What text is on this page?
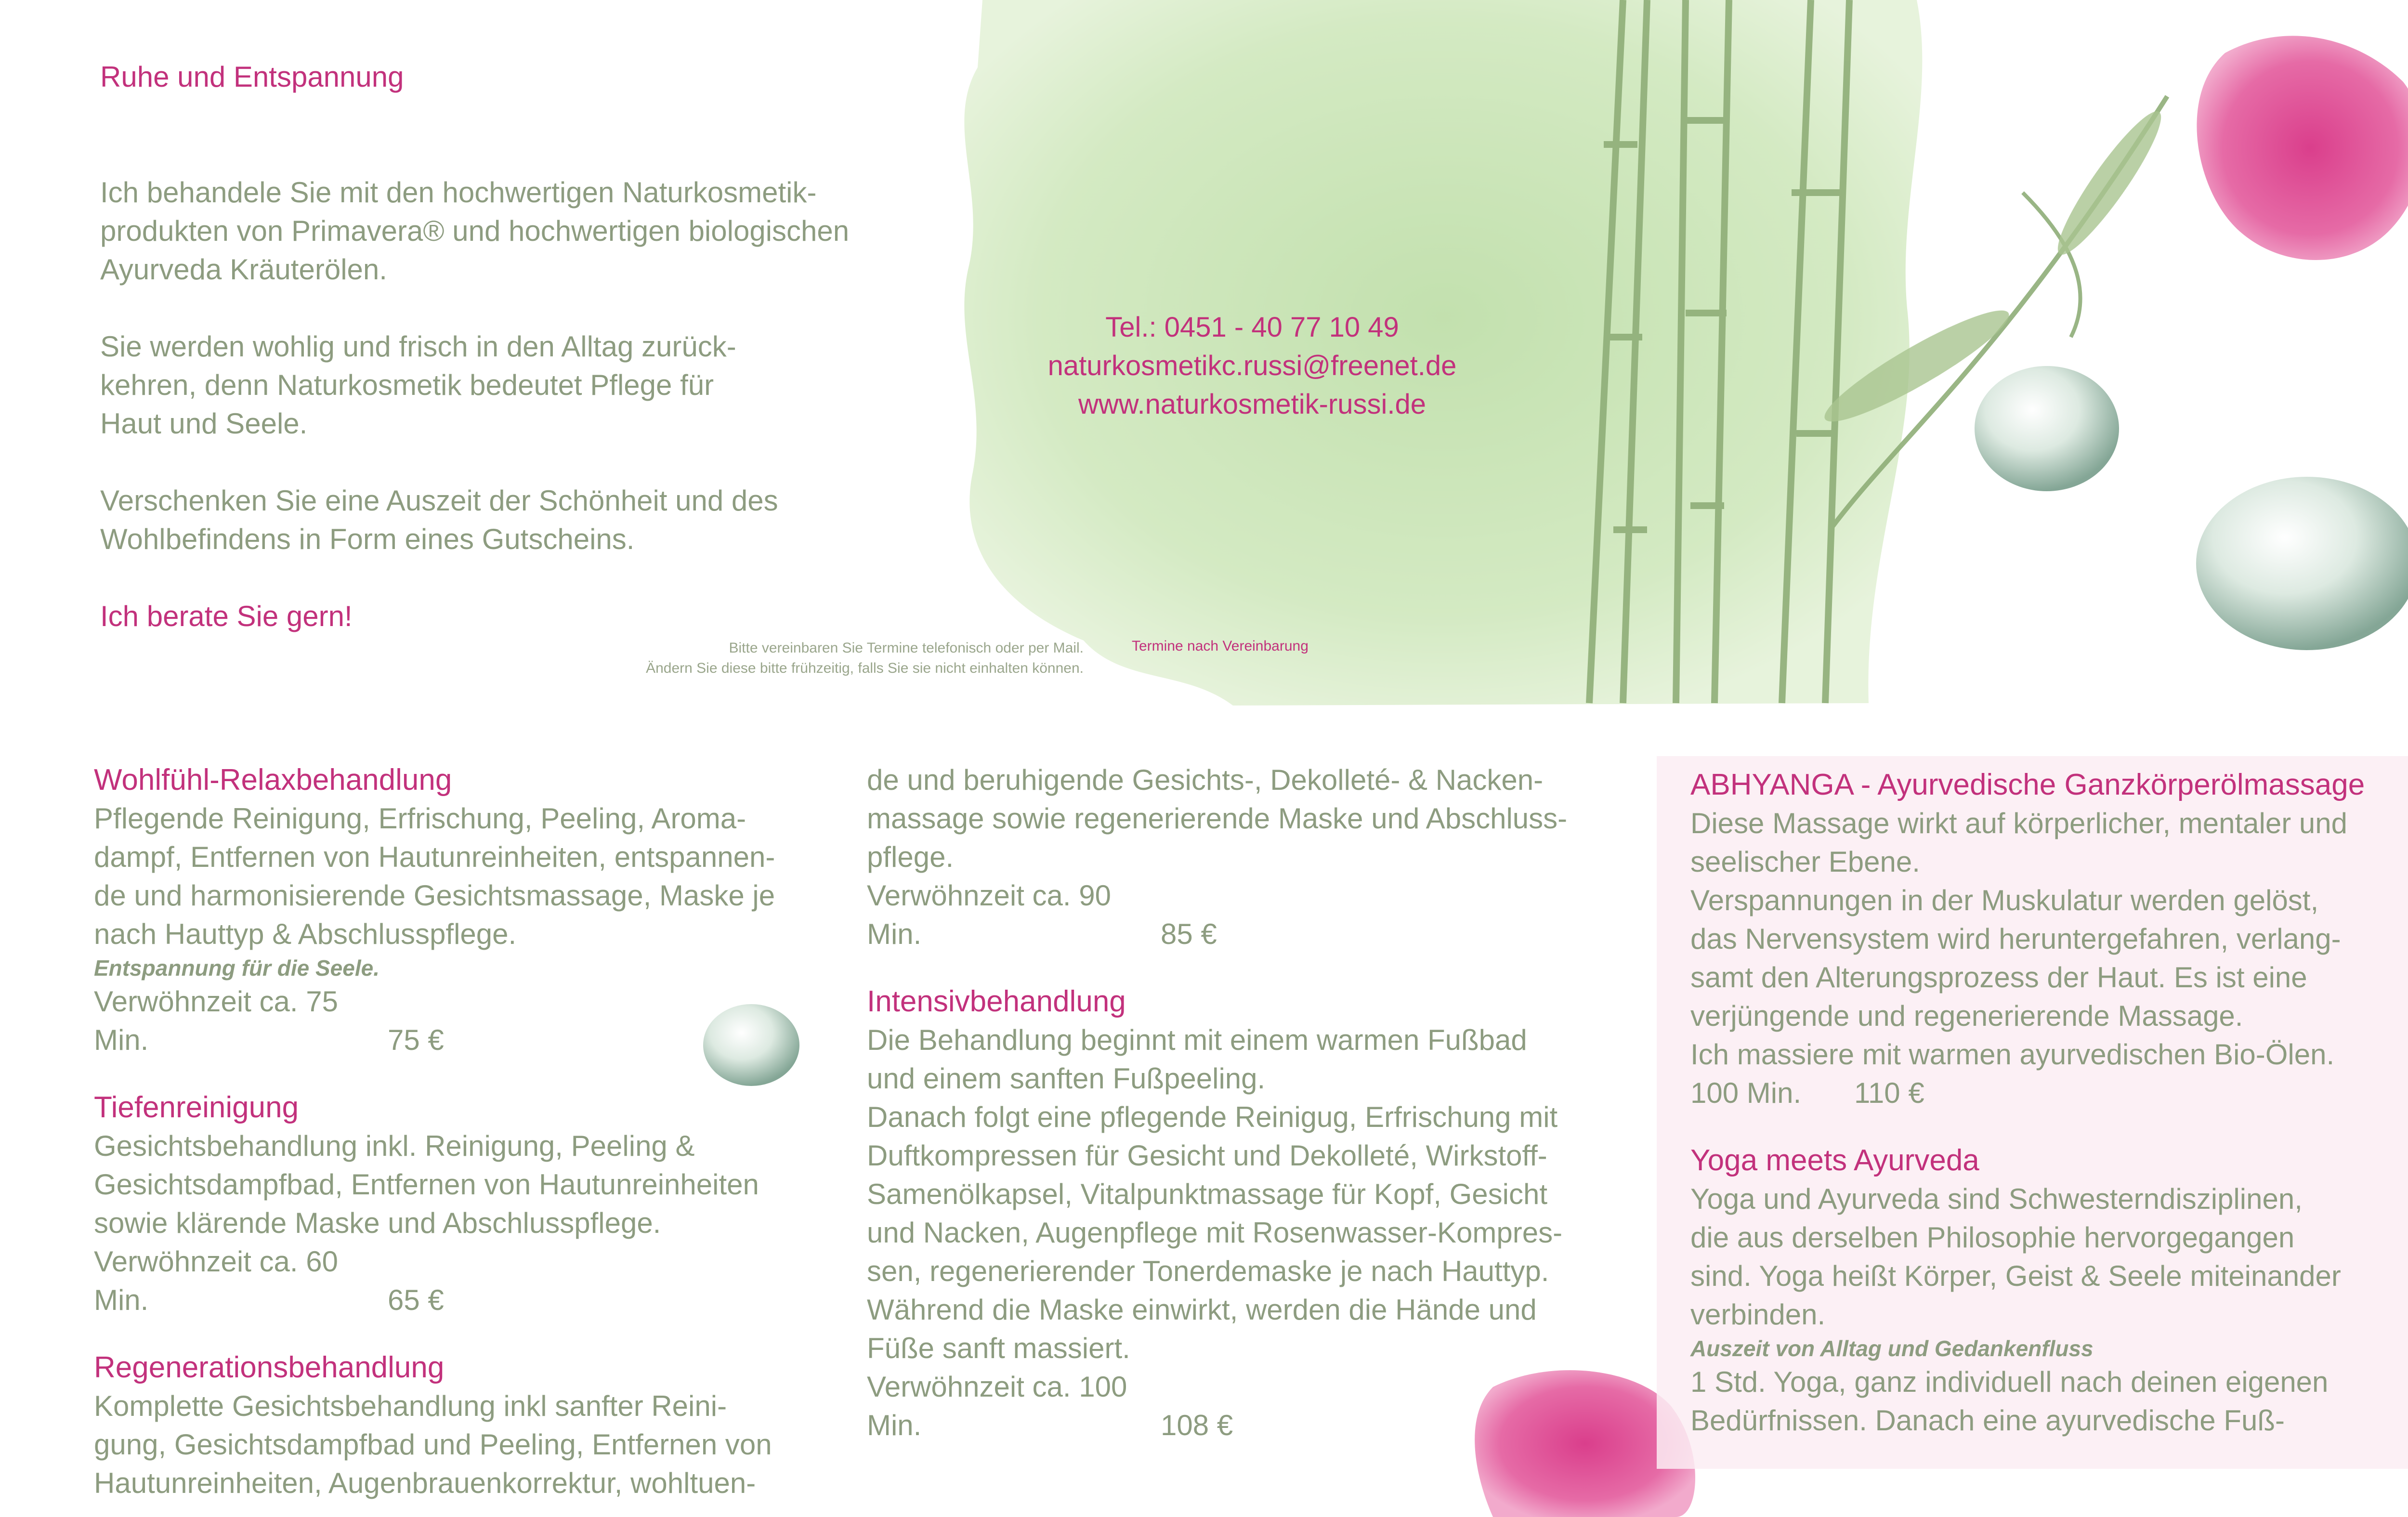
Ruhe und Entspannung

Ich behandele Sie mit den hochwertigen Naturkosmetik-
produkten von Primavera® und hochwertigen biologischen
Ayurveda Kräuterölen.

Sie werden wohlig und frisch in den Alltag zurück-
kehren, denn Naturkosmetik bedeutet Pflege für
Haut und Seele.

Verschenken Sie eine Auszeit der Schönheit und des
Wohlbefindens in Form eines Gutscheins.

Ich berate Sie gern!

Bitte vereinbaren Sie Termine telefonisch oder per Mail.
Ändern Sie diese bitte frühzeitig, falls Sie sie nicht einhalten können.
Termine nach Vereinbarung
Tel.: 0451 - 40 77 10 49
naturkosmetikc.russi@freenet.de
www.naturkosmetik-russi.de
Wohlfühl-Relaxbehandlung
Pflegende Reinigung, Erfrischung, Peeling, Aroma-
dampf, Entfernen von Hautunreinheiten, entspannen-
de und harmonisierende Gesichtsmassage, Maske je
nach Hauttyp & Abschlusspflege.
Entspannung für die Seele.
Verwöhnzeit ca. 75 Min.	75 €
Tiefenreinigung
Gesichtsbehandlung inkl. Reinigung, Peeling &
Gesichtsdampfbad, Entfernen von Hautunreinheiten
sowie klärende Maske und Abschlusspflege.
Verwöhnzeit ca. 60 Min.	65 €
Regenerationsbehandlung
Komplette Gesichtsbehandlung inkl sanfter Reini-
gung, Gesichtsdampfbad und Peeling, Entfernen von
Hautunreinheiten, Augenbrauenkorrektur, wohltuen-
de und beruhigende Gesichts-, Dekolleté- & Nacken-
massage sowie regenerierende Maske und Abschluss-
pflege.
Verwöhnzeit ca. 90 Min.	85 €
Intensivbehandlung
Die Behandlung beginnt mit einem warmen Fußbad
und einem sanften Fußpeeling.
Danach folgt eine pflegende Reinigug, Erfrischung mit
Duftkompressen für Gesicht und Dekolleté, Wirkstoff-
Samenölkapsel, Vitalpunktmassage für Kopf, Gesicht
und Nacken, Augenpflege mit Rosenwasser-Kompres-
sen, regenerierender Tonerdemaske je nach Hauttyp.
Während die Maske einwirkt, werden die Hände und
Füße sanft massiert.
Verwöhnzeit ca. 100 Min.	108 €
ABHYANGA - Ayurvedische Ganzkörperölmassage
Diese Massage wirkt auf körperlicher, mentaler und
seelischer Ebene.
Verspannungen in der Muskulatur werden gelöst,
das Nervensystem wird heruntergefahren, verlang-
samt den Alterungsprozess der Haut. Es ist eine
verjüngende und regenerierende Massage.
Ich massiere mit warmen ayurvedischen Bio-Ölen.
100 Min. 110 €
Yoga meets Ayurveda
Yoga und Ayurveda sind Schwesterndisziplinen,
die aus derselben Philosophie hervorgegangen
sind. Yoga heißt Körper, Geist & Seele miteinander
verbinden.
Auszeit von Alltag und Gedankenfluss
1 Std. Yoga, ganz individuell nach deinen eigenen
Bedürfnissen. Danach eine ayurvedische Fuß-
